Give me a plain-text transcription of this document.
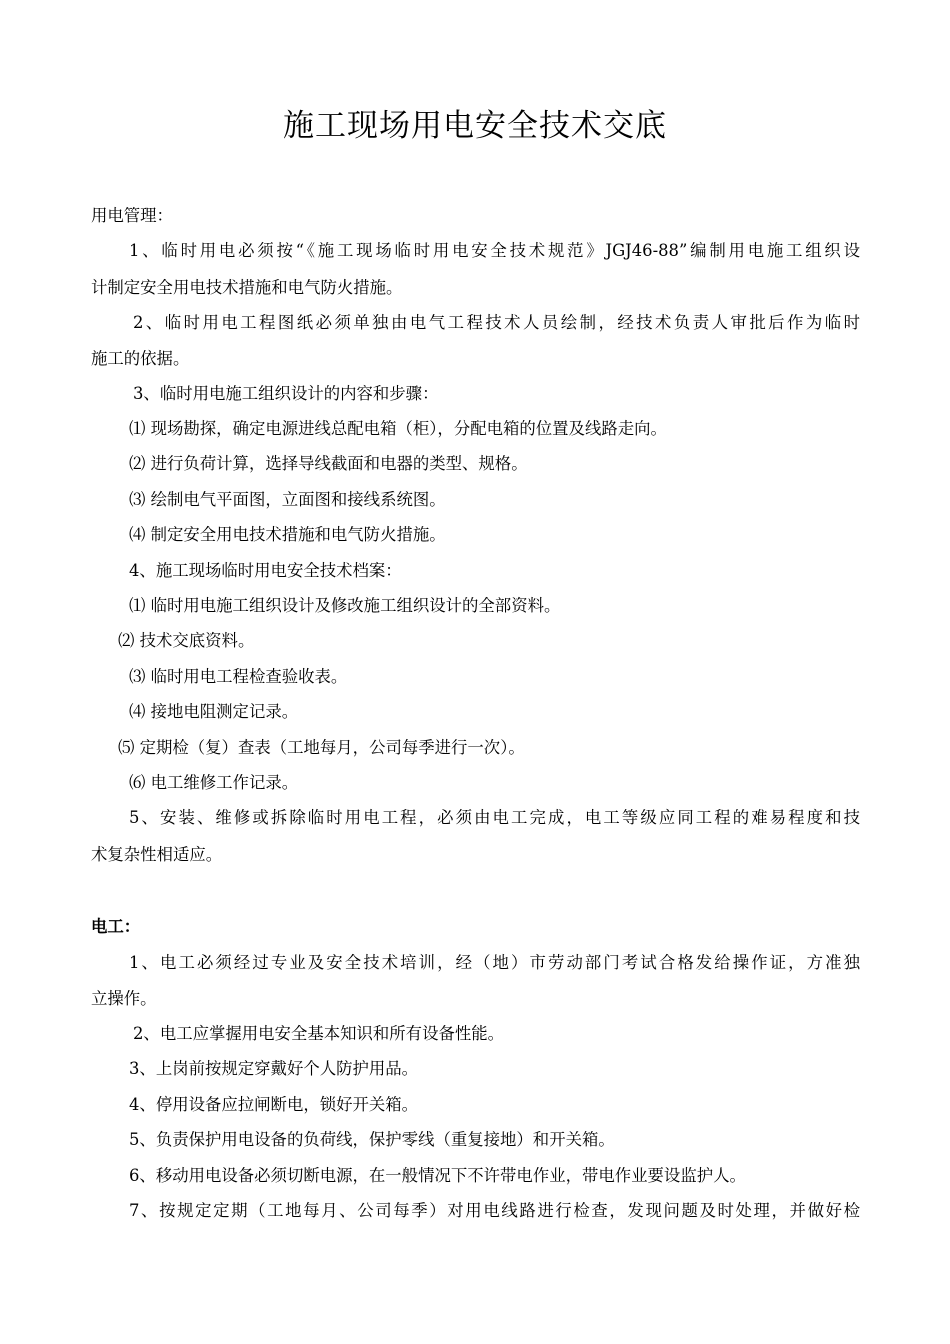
施工现场用电安全技术交底
用电管理：
1、临时用电必须按“《施工现场临时用电安全技术规范》JGJ46-88”编制用电施工组织设
计制定安全用电技术措施和电气防火措施。
2、临时用电工程图纸必须单独由电气工程技术人员绘制，经技术负责人审批后作为临时
施工的依据。
3、临时用电施工组织设计的内容和步骤：
⑴ 现场勘探，确定电源进线总配电箱（柜），分配电箱的位置及线路走向。
⑵ 进行负荷计算，选择导线截面和电器的类型、规格。
⑶ 绘制电气平面图，立面图和接线系统图。
⑷ 制定安全用电技术措施和电气防火措施。
4、施工现场临时用电安全技术档案：
⑴ 临时用电施工组织设计及修改施工组织设计的全部资料。
⑵ 技术交底资料。
⑶ 临时用电工程检查验收表。
⑷ 接地电阻测定记录。
⑸ 定期检（复）查表（工地每月，公司每季进行一次）。
⑹ 电工维修工作记录。
5、安装、维修或拆除临时用电工程，必须由电工完成，电工等级应同工程的难易程度和技
术复杂性相适应。
电工：
1、电工必须经过专业及安全技术培训，经（地）市劳动部门考试合格发给操作证，方准独
立操作。
2、电工应掌握用电安全基本知识和所有设备性能。
3、上岗前按规定穿戴好个人防护用品。
4、停用设备应拉闸断电，锁好开关箱。
5、负责保护用电设备的负荷线，保护零线（重复接地）和开关箱。
6、移动用电设备必须切断电源，在一般情况下不许带电作业，带电作业要设监护人。
7、按规定定期（工地每月、公司每季）对用电线路进行检查，发现问题及时处理，并做好检
